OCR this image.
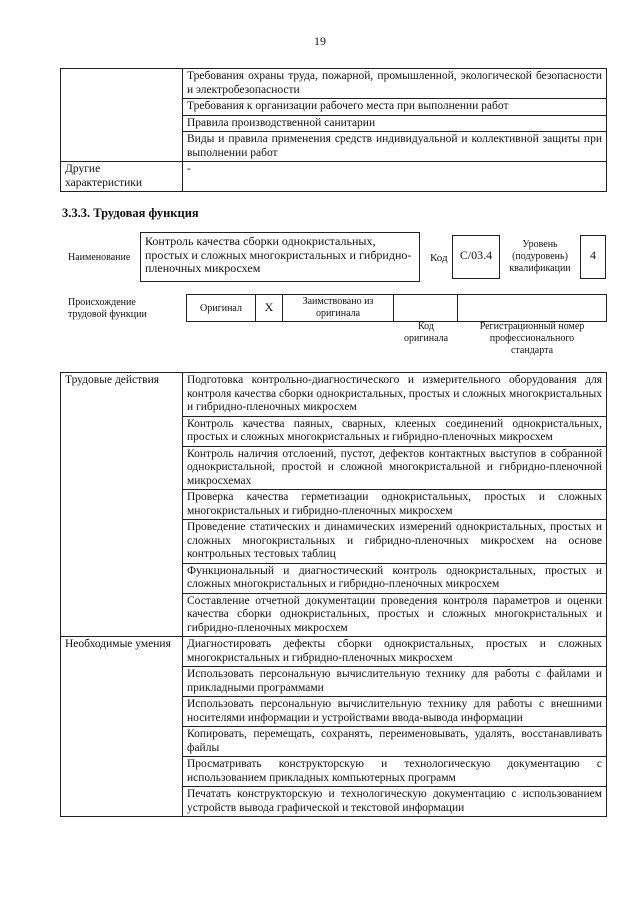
19
	Требования охраны труда, пожарной, промышленной, экологической безопасности и электробезопасности
	Требования к организации рабочего места при выполнении работ
	Правила производственной санитарии
	Виды и правила применения средств индивидуальной и коллективной защиты при выполнении работ
Другие характеристики	-
3.3.3. Трудовая функция
Наименование
Контроль качества сборки однокристальных, простых и сложных многокристальных и гибридно-пленочных микросхем
Код	C/03.4
Уровень (подуровень) квалификации
4
Происхождение трудовой функции
Оригинал	X	Заимствовано из оригинала
Код оригинала
Регистрационный номер профессионального стандарта
Трудовые действия	Подготовка контрольно-диагностического и измерительного оборудования для контроля качества сборки однокристальных, простых и сложных многокристальных и гибридно-пленочных микросхем
	Контроль качества паяных, сварных, клееных соединений однокристальных, простых и сложных многокристальных и гибридно-пленочных микросхем
	Контроль наличия отслоений, пустот, дефектов контактных выступов в собранной однокристальной, простой и сложной многокристальной и гибридно-пленочной микросхемах
	Проверка качества герметизации однокристальных, простых и сложных многокристальных и гибридно-пленочных микросхем
	Проведение статических и динамических измерений однокристальных, простых и сложных многокристальных и гибридно-пленочных микросхем на основе контрольных тестовых таблиц
	Функциональный и диагностический контроль однокристальных, простых и сложных многокристальных и гибридно-пленочных микросхем
	Составление отчетной документации проведения контроля параметров и оценки качества сборки однокристальных, простых и сложных многокристальных и гибридно-пленочных микросхем
Необходимые умения	Диагностировать дефекты сборки однокристальных, простых и сложных многокристальных и гибридно-пленочных микросхем
	Использовать персональную вычислительную технику для работы с файлами и прикладными программами
	Использовать персональную вычислительную технику для работы с внешними носителями информации и устройствами ввода-вывода информации
	Копировать, перемещать, сохранять, переименовывать, удалять, восстанавливать файлы
	Просматривать конструкторскую и технологическую документацию с использованием прикладных компьютерных программ
	Печатать конструкторскую и технологическую документацию с использованием устройств вывода графической и текстовой информации
